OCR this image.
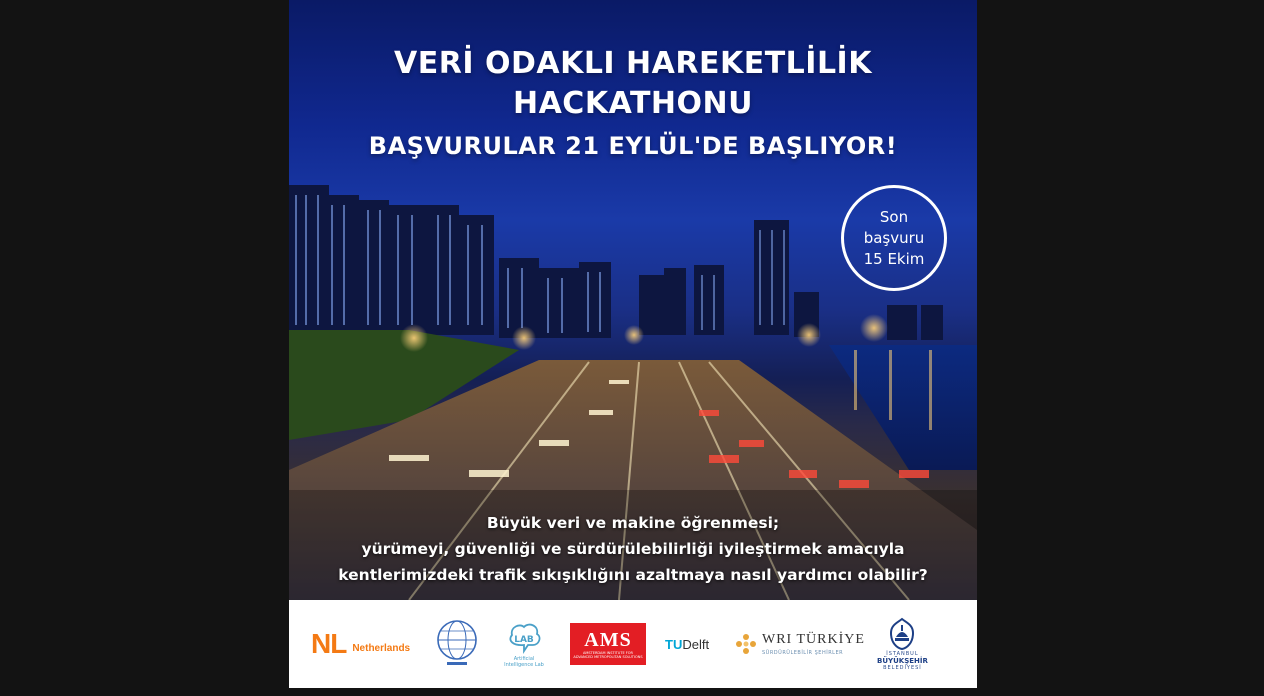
VERİ ODAKLI HAREKETLİLİK
HACKATHONU
BAŞVURULAR 21 EYLÜL'DE BAŞLIYOR!
Son
başvuru
15 Ekim
Büyük veri ve makine öğrenmesi;
yürümeyi, güvenliği ve sürdürülebilirliği iyileştirmek amacıyla
kentlerimizdeki trafik sıkışıklığını azaltmaya nasıl yardımcı olabilir?
NL Netherlands
LAB
Artificial Intelligence Lab
AMS
AMSTERDAM INSTITUTE FOR ADVANCED METROPOLITAN SOLUTIONS
TUDelft	WRI TÜRKİYE
SÜRDÜRÜLEBİLİR ŞEHİRLER	İSTANBUL
BÜYÜKŞEHİR
BELEDİYESİ
